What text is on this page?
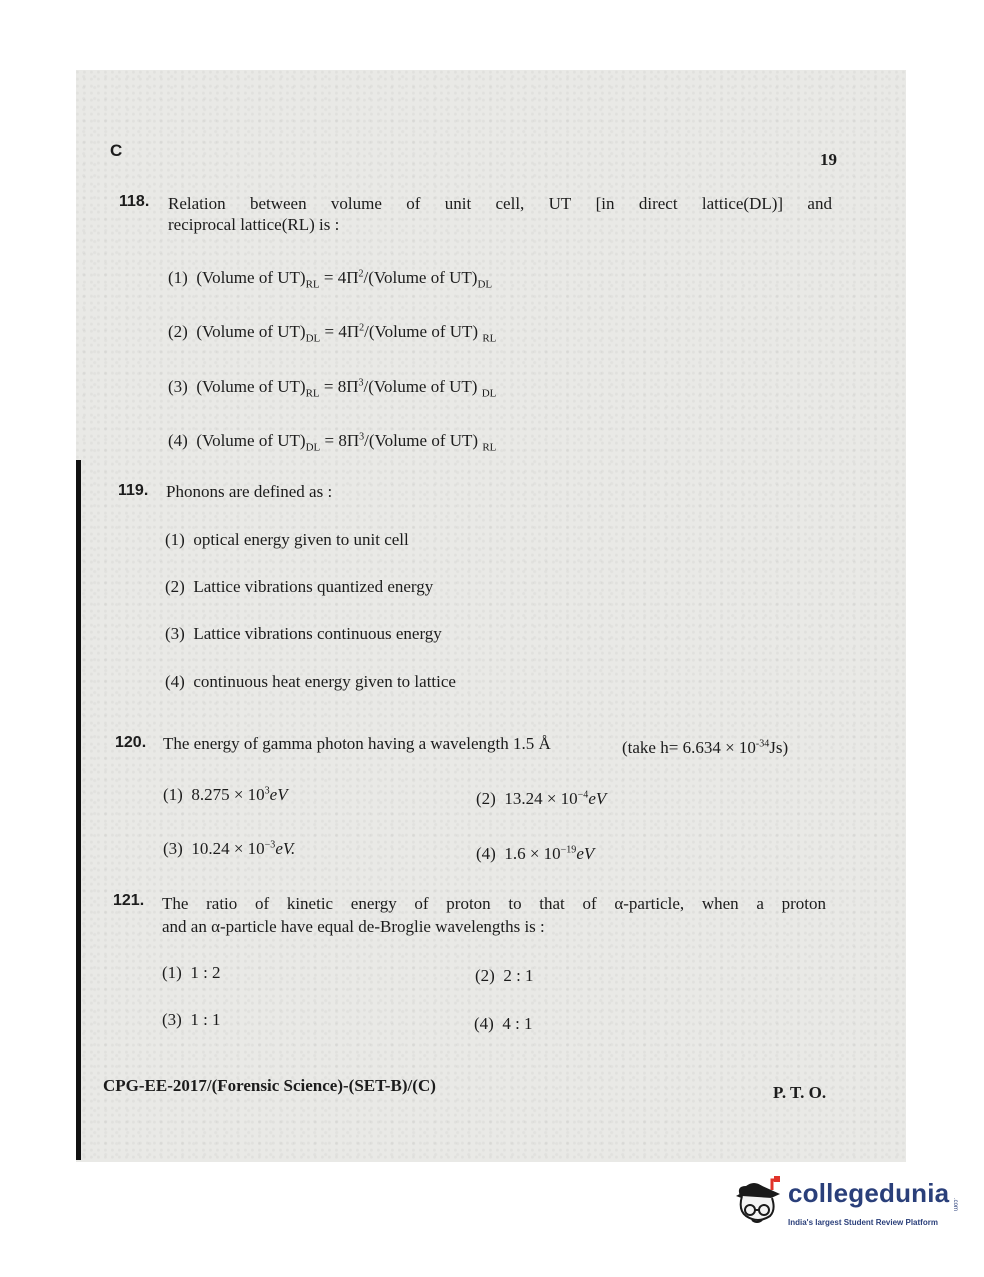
C	19
118. Relation between volume of unit cell, UT [in direct lattice(DL)] and
reciprocal lattice(RL) is :
(1) (Volume of $UT)_{RL}$ = $4\Pi^2/(Volume$ of $UT)_{DL}$
(2) (Volume of $UT)_{DL}$ = $4\Pi^2/(Volume$ of UT) $_{RL}$
(3) (Volume of $UT)_{RL}$ = $8\Pi^3/(Volume$ of UT) $_{DL}$
(4) (Volume of $UT)_{DL}$ = $8\Pi^3/(Volume$ of UT) $_{RL}$
119. Phonons are defined as :
(1) optical energy given to unit cell
(2) Lattice vibrations quantized energy
(3) Lattice vibrations continuous energy
(4) continuous heat energy given to lattice
120. The energy of gamma photon having a wavelength 1.5 Å	(take $h= 6.634 \times 10^{-34}Js$)
(1) $8.275 \times 10^3eV$	(2) $13.24 \times 10^{-4}eV$
(3) $10.24 \times 10^{-3}eV$.	(4) $1.6 \times 10^{-19}eV$
121. The ratio of kinetic energy of proton to that of α-particle, when a proton
and an α-particle have equal de-Broglie wavelengths is :
(1) 1 : 2	(2) 2 : 1
(3) 1 : 1	(4) 4 : 1
CPG-EE-2017/(Forensic Science)-(SET-B)/(C)	P. T. O.
collegedunia .com
India's largest Student Review Platform
